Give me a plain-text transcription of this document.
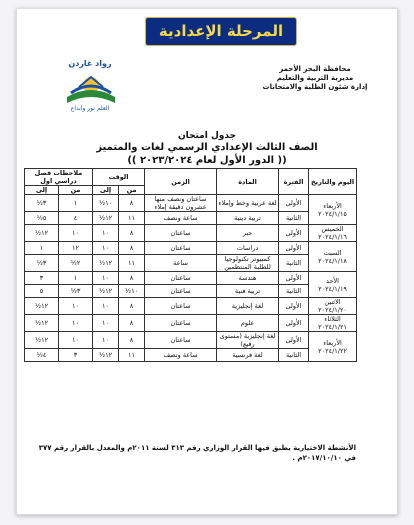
المرحلة الإعدادية
محافظة البحر الأحمر
مديرية التربية والتعليم
إدارة شئون الطلبة والامتحانات
رواد غاردن
العلم نور وابداع
جدول امتحان
الصف الثالث الإعدادي الرسمي لغات والمتميز
(( الدور الأول لعام ٢٠٢٣/٢٠٢٤ ))
اليوم والتاريخ	الفترة	المادة	الزمن	الوقت		ملاحظات فصل دراسي اول	
				من	إلى	من	إلى

الأربعاء
٢٠٢٤/١/١٥	الأولى	لغة عربية وخط وإملاء	ساعتان ونصف منها عشرون دقيقة إملاء	٨	١٠½	١	٣½
	الثانية	تربية دينية	ساعة ونصف	١١	١٢½	٤	٥½

الخميس
٢٠٢٤/١/١٦	الأولى	جبر	ساعتان	٨	١٠	١٠	١٢½

السبت
٢٠٢٤/١/١٨	الأولى	دراسات	ساعتان	٨	١٠	١٢	١
	الثانية	كمبيوتر تكنولوجيا للطلبة المنتظمين	ساعة	١١	١٢½	٢½	٣½

الأحد
٢٠٢٤/١/١٩	الأولى	هندسة	ساعتان	٨	١٠	١	٣
	الثانية	تربية فنية	ساعتان	١٠½	١٢½	٣½	٥

الاثنين
٢٠٢٤/١/٢٠	الأولى	لغة إنجليزية	ساعتان	٨	١٠	١٠	١٢½

الثلاثاء
٢٠٢٤/١/٢١	الأولى	علوم	ساعتان	٨	١٠	١٠	١٢½

الأربعاء
٢٠٢٤/١/٢٢	الأولى	لغة إنجليزية (مستوى رفيع)	ساعتان	٨	١٠	١٠	١٢½
	الثانية	لغة فرنسية	ساعة ونصف	١١	١٢½	٣	٤½
الأنشطة الاختيارية يطبق فيها القرار الوزاري رقم ٣١٣ لسنة ٢٠١١م والمعدل بالقرار رقم ٣٧٧
في ٢٠١٧/١٠/١٠م .
